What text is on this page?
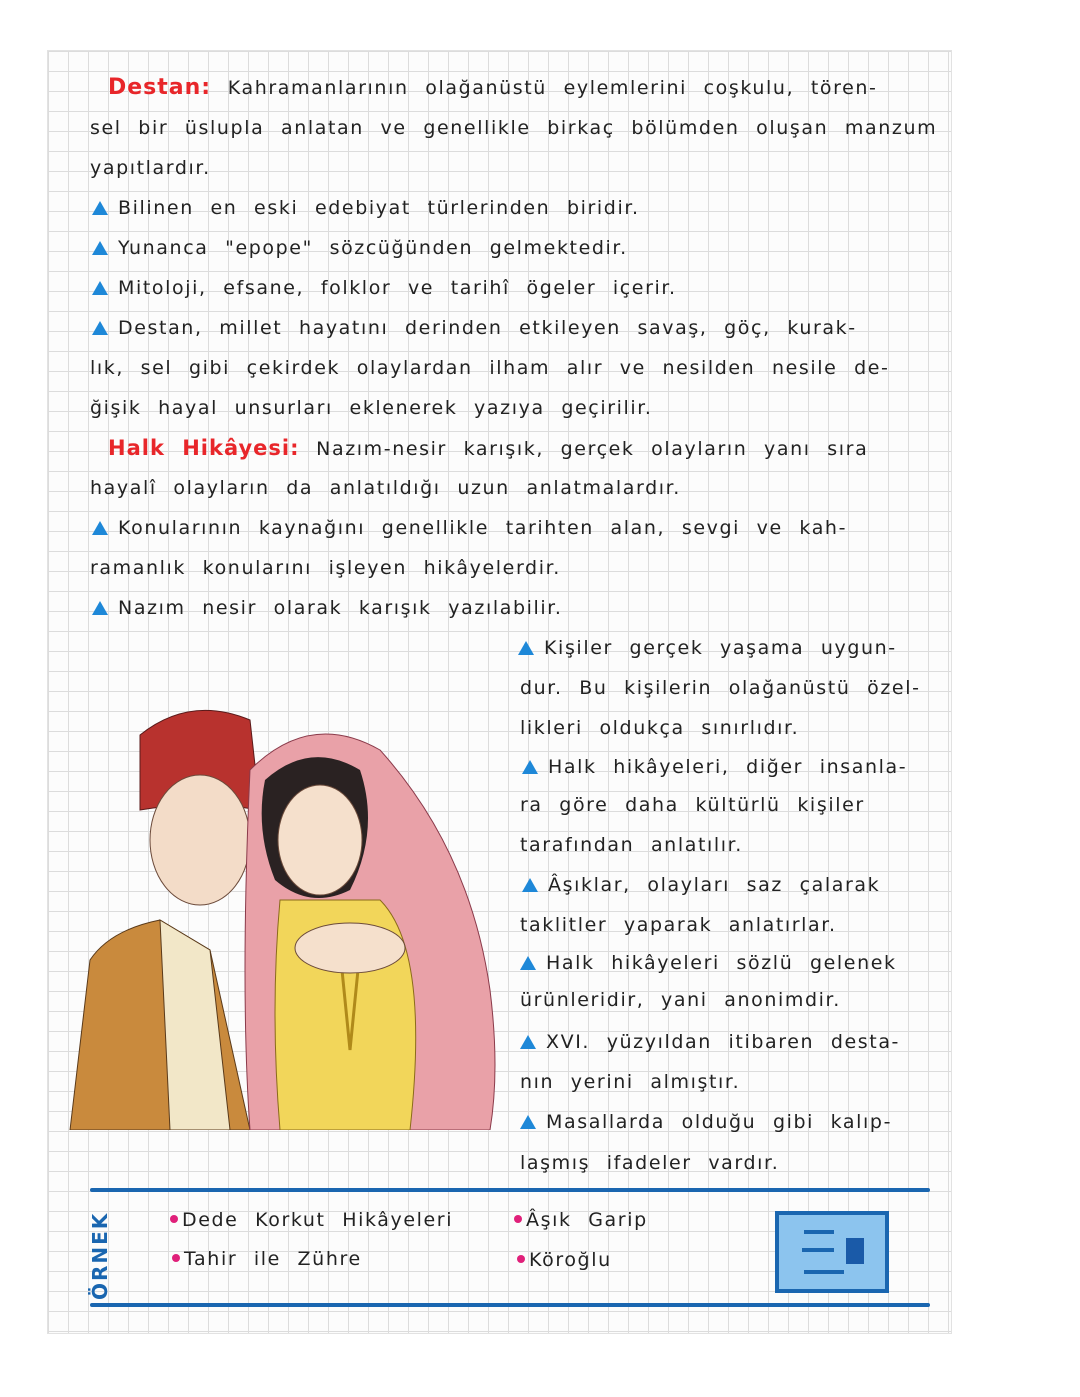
Destan: Kahramanlarının olağanüstü eylemlerini coşkulu, tören-
sel bir üslupla anlatan ve genellikle birkaç bölümden oluşan manzum
yapıtlardır.
Bilinen en eski edebiyat türlerinden biridir.
Yunanca "epope" sözcüğünden gelmektedir.
Mitoloji, efsane, folklor ve tarihî ögeler içerir.
Destan, millet hayatını derinden etkileyen savaş, göç, kurak-
lık, sel gibi çekirdek olaylardan ilham alır ve nesilden nesile de-
ğişik hayal unsurları eklenerek yazıya geçirilir.
Halk Hikâyesi: Nazım-nesir karışık, gerçek olayların yanı sıra
hayalî olayların da anlatıldığı uzun anlatmalardır.
Konularının kaynağını genellikle tarihten alan, sevgi ve kah-
ramanlık konularını işleyen hikâyelerdir.
Nazım nesir olarak karışık yazılabilir.
Kişiler gerçek yaşama uygun-
dur. Bu kişilerin olağanüstü özel-
likleri oldukça sınırlıdır.
Halk hikâyeleri, diğer insanla-
ra göre daha kültürlü kişiler
tarafından anlatılır.
Âşıklar, olayları saz çalarak
taklitler yaparak anlatırlar.
Halk hikâyeleri sözlü gelenek
ürünleridir, yani anonimdir.
XVI. yüzyıldan itibaren desta-
nın yerini almıştır.
Masallarda olduğu gibi kalıp-
laşmış ifadeler vardır.
ÖRNEK	Dede Korkut Hikâyeleri	Âşık Garip
Tahir ile Zühre	Köroğlu
